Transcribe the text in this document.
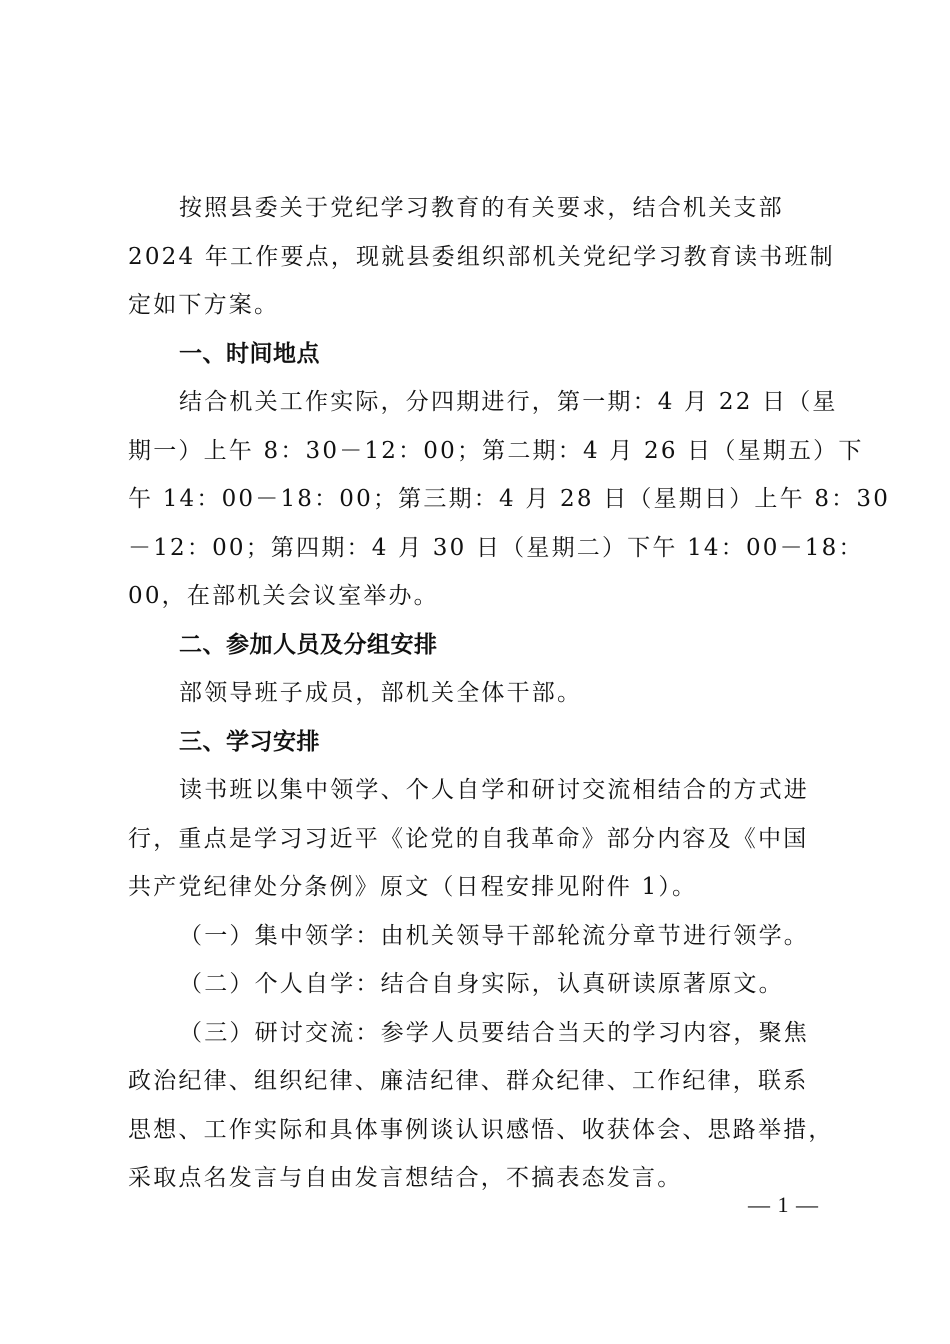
按照县委关于党纪学习教育的有关要求，结合机关支部
2024 年工作要点，现就县委组织部机关党纪学习教育读书班制
定如下方案。
一、时间地点
结合机关工作实际，分四期进行，第一期：4 月 22 日（星
期一）上午 8：30－12：00；第二期：4 月 26 日（星期五）下
午 14：00－18：00；第三期：4 月 28 日（星期日）上午 8：30
－12：00；第四期：4 月 30 日（星期二）下午 14：00－18：
00，在部机关会议室举办。
二、参加人员及分组安排
部领导班子成员，部机关全体干部。
三、学习安排
读书班以集中领学、个人自学和研讨交流相结合的方式进
行，重点是学习习近平《论党的自我革命》部分内容及《中国
共产党纪律处分条例》原文（日程安排见附件 1）。
（一）集中领学：由机关领导干部轮流分章节进行领学。
（二）个人自学：结合自身实际，认真研读原著原文。
（三）研讨交流：参学人员要结合当天的学习内容，聚焦
政治纪律、组织纪律、廉洁纪律、群众纪律、工作纪律，联系
思想、工作实际和具体事例谈认识感悟、收获体会、思路举措，
采取点名发言与自由发言想结合，不搞表态发言。
— 1 —
